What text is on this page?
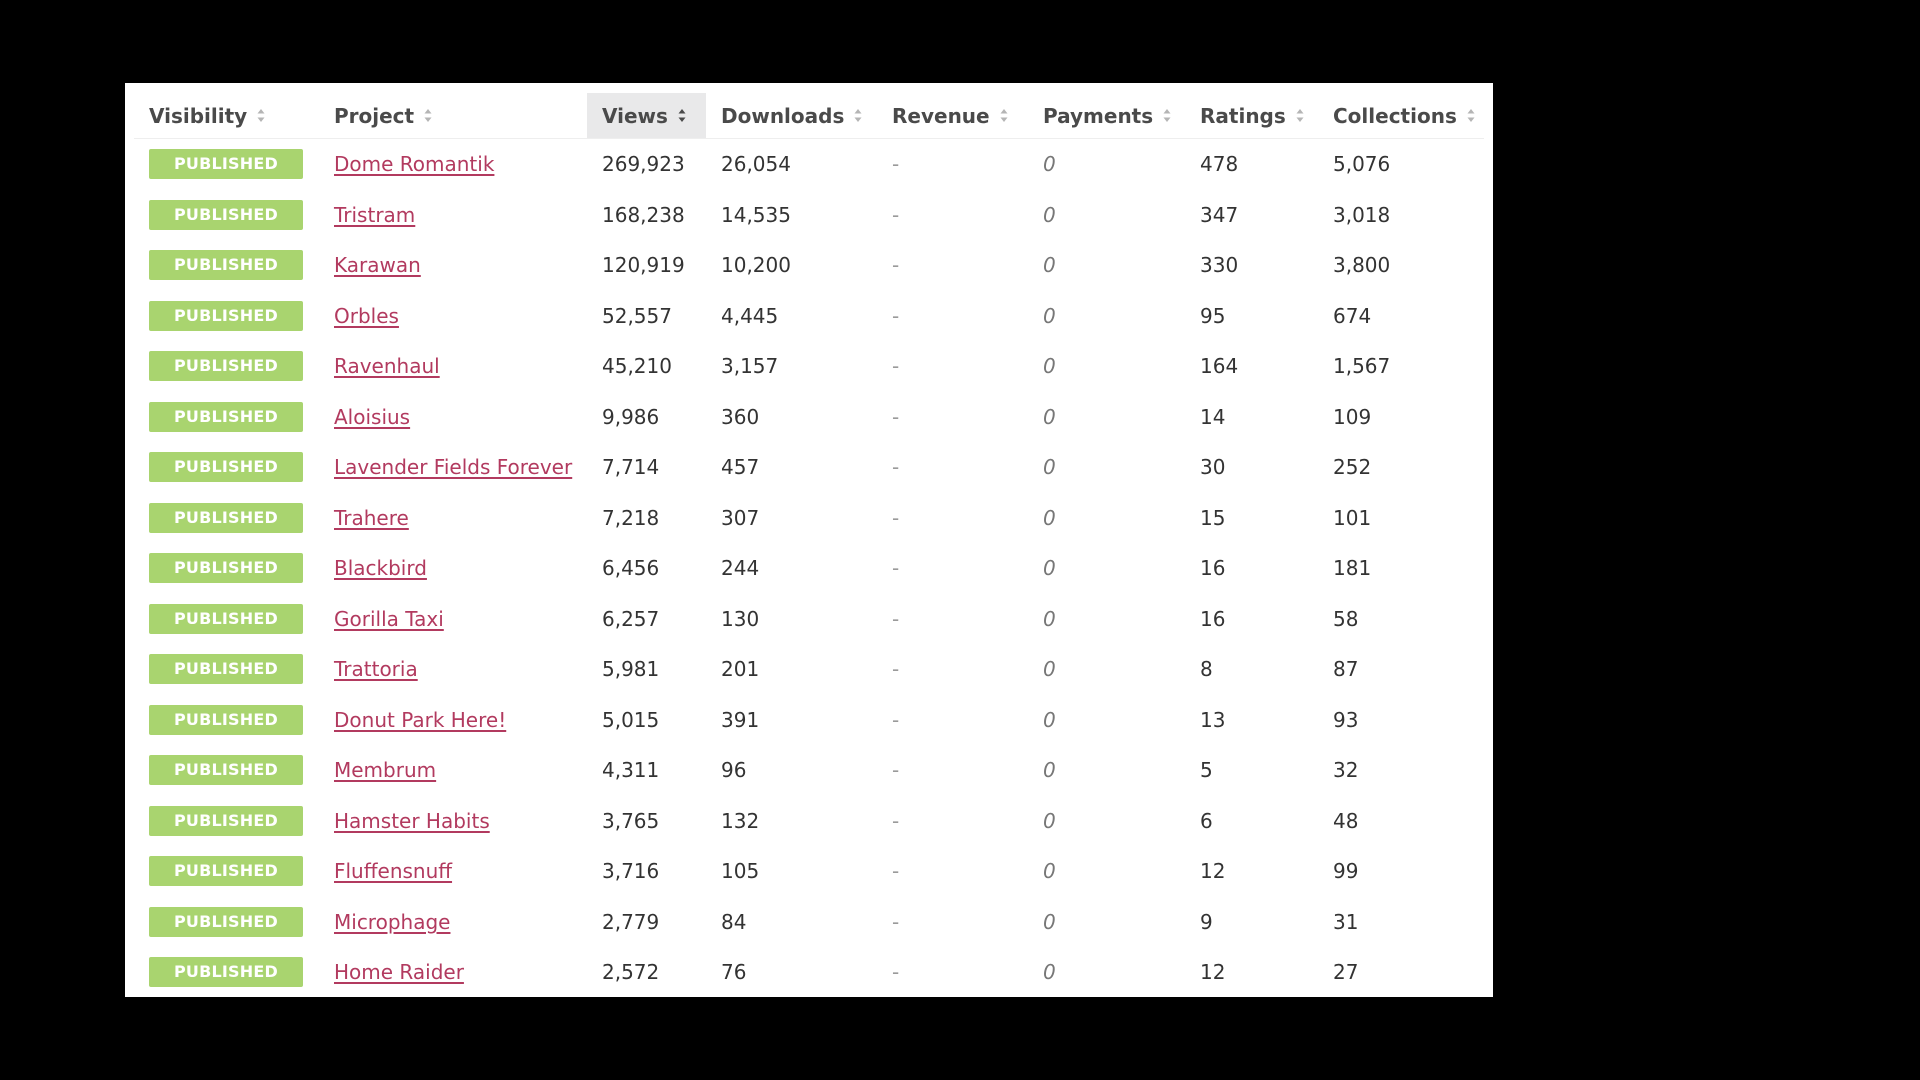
Visibility	Project	Views	Downloads	Revenue	Payments	Ratings	Collections

PUBLISHED	Dome Romantik	269,923	26,054	-	0	478	5,076
PUBLISHED	Tristram	168,238	14,535	-	0	347	3,018
PUBLISHED	Karawan	120,919	10,200	-	0	330	3,800
PUBLISHED	Orbles	52,557	4,445	-	0	95	674
PUBLISHED	Ravenhaul	45,210	3,157	-	0	164	1,567
PUBLISHED	Aloisius	9,986	360	-	0	14	109
PUBLISHED	Lavender Fields Forever	7,714	457	-	0	30	252
PUBLISHED	Trahere	7,218	307	-	0	15	101
PUBLISHED	Blackbird	6,456	244	-	0	16	181
PUBLISHED	Gorilla Taxi	6,257	130	-	0	16	58
PUBLISHED	Trattoria	5,981	201	-	0	8	87
PUBLISHED	Donut Park Here!	5,015	391	-	0	13	93
PUBLISHED	Membrum	4,311	96	-	0	5	32
PUBLISHED	Hamster Habits	3,765	132	-	0	6	48
PUBLISHED	Fluffensnuff	3,716	105	-	0	12	99
PUBLISHED	Microphage	2,779	84	-	0	9	31
PUBLISHED	Home Raider	2,572	76	-	0	12	27
